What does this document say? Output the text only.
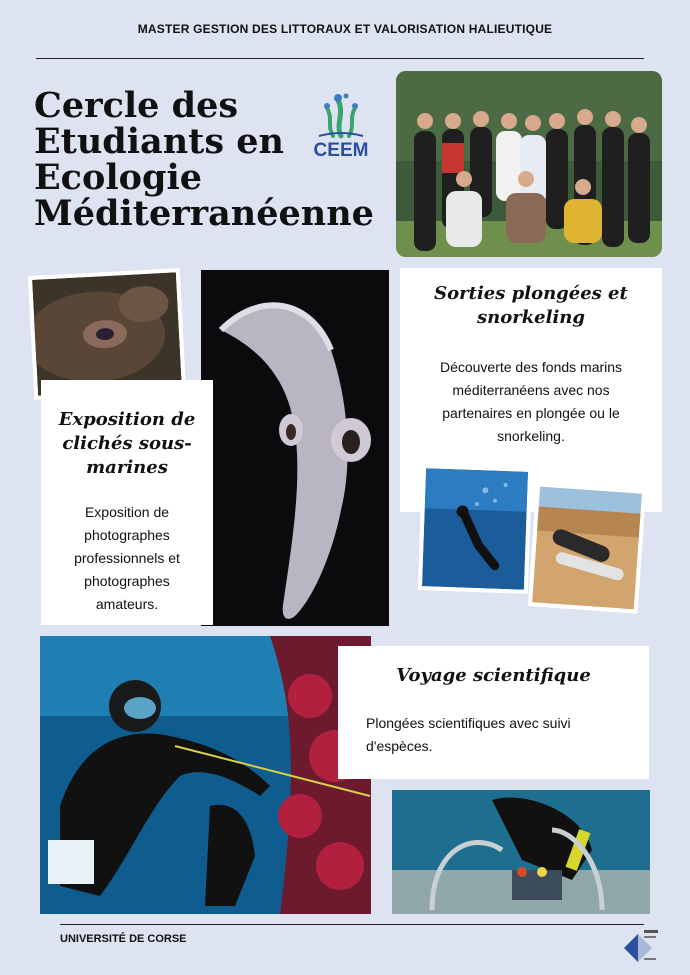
MASTER GESTION DES LITTORAUX ET VALORISATION HALIEUTIQUE
Cercle des
Etudiants en
Ecologie
Méditerranéenne
CEEM
Sorties plongées et snorkeling
Découverte des fonds marins méditerranéens avec nos partenaires en plongée ou le snorkeling.
Exposition de clichés sous-marines
Exposition de photographes professionnels et photographes amateurs.
Voyage scientifique
Plongées scientifiques avec suivi d'espèces.
UNIVERSITÉ DE CORSE
